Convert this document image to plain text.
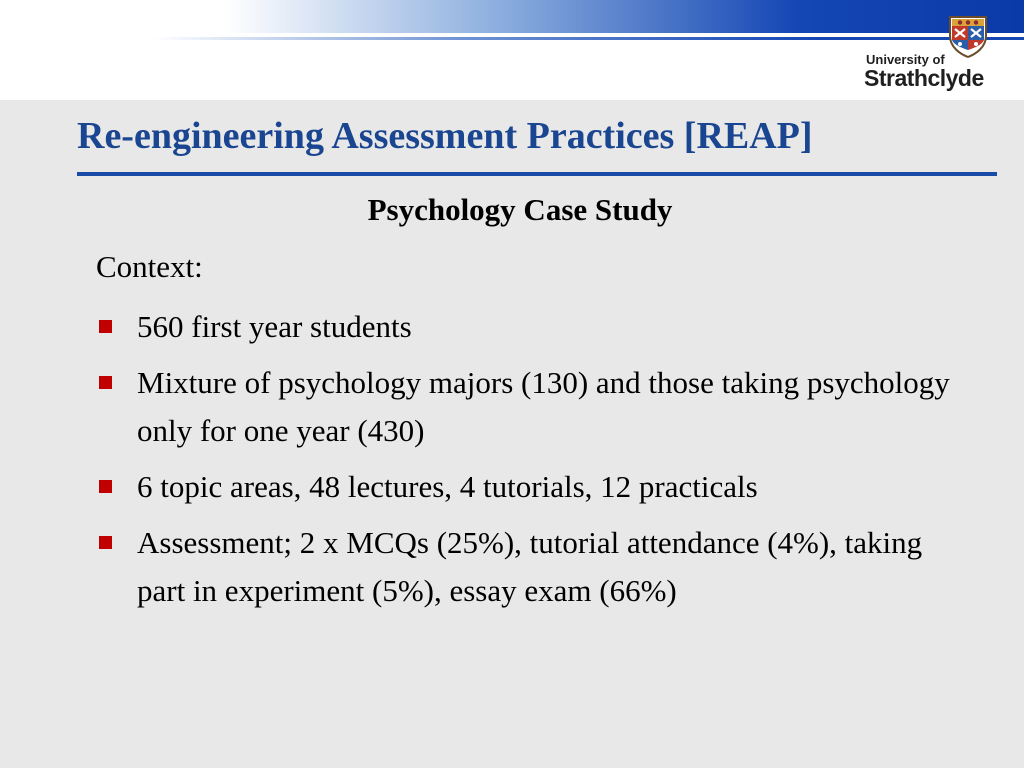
University of
Strathclyde
Re-engineering Assessment Practices [REAP]
Psychology Case Study
Context:
560 first year students
Mixture of psychology majors (130) and those taking psychology only for one year (430)
6 topic areas, 48 lectures, 4 tutorials, 12 practicals
Assessment; 2 x MCQs (25%), tutorial attendance (4%), taking part in experiment (5%), essay exam (66%)
